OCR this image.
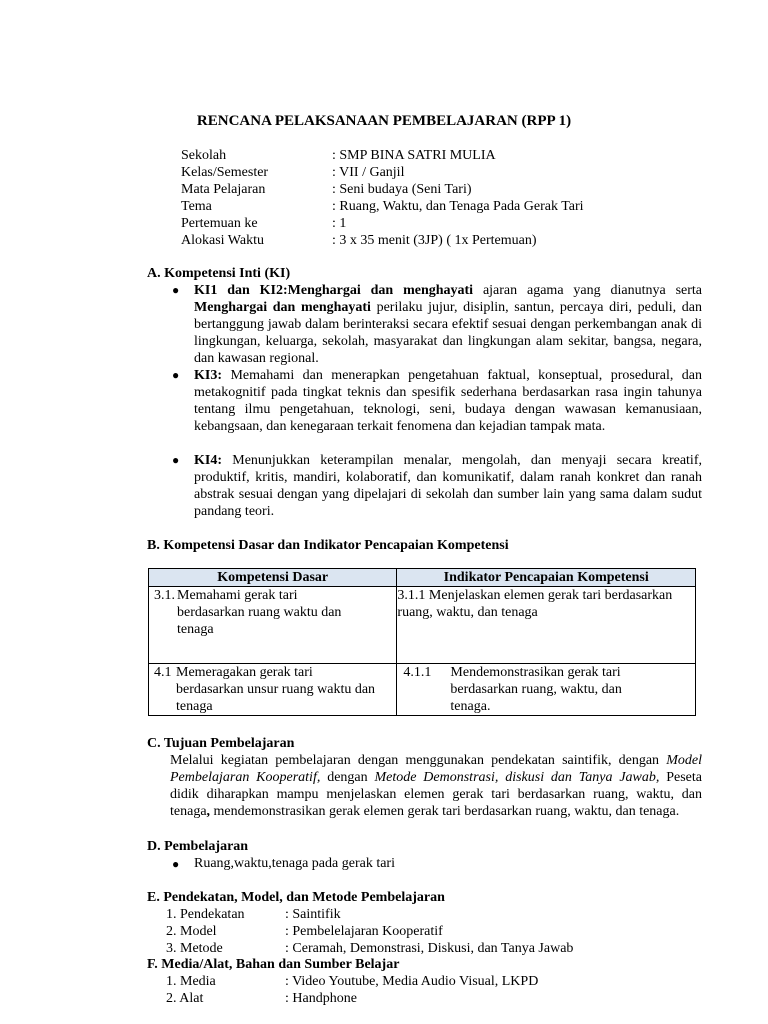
RENCANA PELAKSANAAN PEMBELAJARAN (RPP 1)
Sekolah	: SMP BINA SATRI MULIA
Kelas/Semester	: VII / Ganjil
Mata Pelajaran	: Seni budaya (Seni Tari)
Tema	: Ruang, Waktu, dan Tenaga Pada Gerak Tari
Pertemuan ke	: 1
Alokasi Waktu	: 3 x 35 menit (3JP) ( 1x Pertemuan)
A. Kompetensi Inti (KI)
● KI1 dan KI2:Menghargai dan menghayati ajaran agama yang dianutnya serta Menghargai dan menghayati perilaku jujur, disiplin, santun, percaya diri, peduli, dan bertanggung jawab dalam berinteraksi secara efektif sesuai dengan perkembangan anak di lingkungan, keluarga, sekolah, masyarakat dan lingkungan alam sekitar, bangsa, negara, dan kawasan regional.
● KI3: Memahami dan menerapkan pengetahuan faktual, konseptual, prosedural, dan metakognitif pada tingkat teknis dan spesifik sederhana berdasarkan rasa ingin tahunya tentang ilmu pengetahuan, teknologi, seni, budaya dengan wawasan kemanusiaan, kebangsaan, dan kenegaraan terkait fenomena dan kejadian tampak mata.
● KI4: Menunjukkan keterampilan menalar, mengolah, dan menyaji secara kreatif, produktif, kritis, mandiri, kolaboratif, dan komunikatif, dalam ranah konkret dan ranah abstrak sesuai dengan yang dipelajari di sekolah dan sumber lain yang sama dalam sudut pandang teori.
B. Kompetensi Dasar dan Indikator Pencapaian Kompetensi
Kompetensi Dasar	Indikator Pencapaian Kompetensi

3.1. Memahami gerak tari berdasarkan ruang waktu dan tenaga	3.1.1 Menjelaskan elemen gerak tari berdasarkan ruang, waktu, dan tenaga

4.1 Memeragakan gerak tari berdasarkan unsur ruang waktu dan tenaga	4.1.1 Mendemonstrasikan gerak tari berdasarkan ruang, waktu, dan tenaga.
C. Tujuan Pembelajaran
Melalui kegiatan pembelajaran dengan menggunakan pendekatan saintifik, dengan Model Pembelajaran Kooperatif, dengan Metode Demonstrasi, diskusi dan Tanya Jawab, Peseta didik diharapkan mampu menjelaskan elemen gerak tari berdasarkan ruang, waktu, dan tenaga, mendemonstrasikan gerak elemen gerak tari berdasarkan ruang, waktu, dan tenaga.
D. Pembelajaran
● Ruang,waktu,tenaga pada gerak tari
E. Pendekatan, Model, dan Metode Pembelajaran
1. Pendekatan	: Saintifik
2. Model	: Pembelelajaran Kooperatif
3. Metode	: Ceramah, Demonstrasi, Diskusi, dan Tanya Jawab
F. Media/Alat, Bahan dan Sumber Belajar
1. Media	: Video Youtube, Media Audio Visual, LKPD
2. Alat	: Handphone
